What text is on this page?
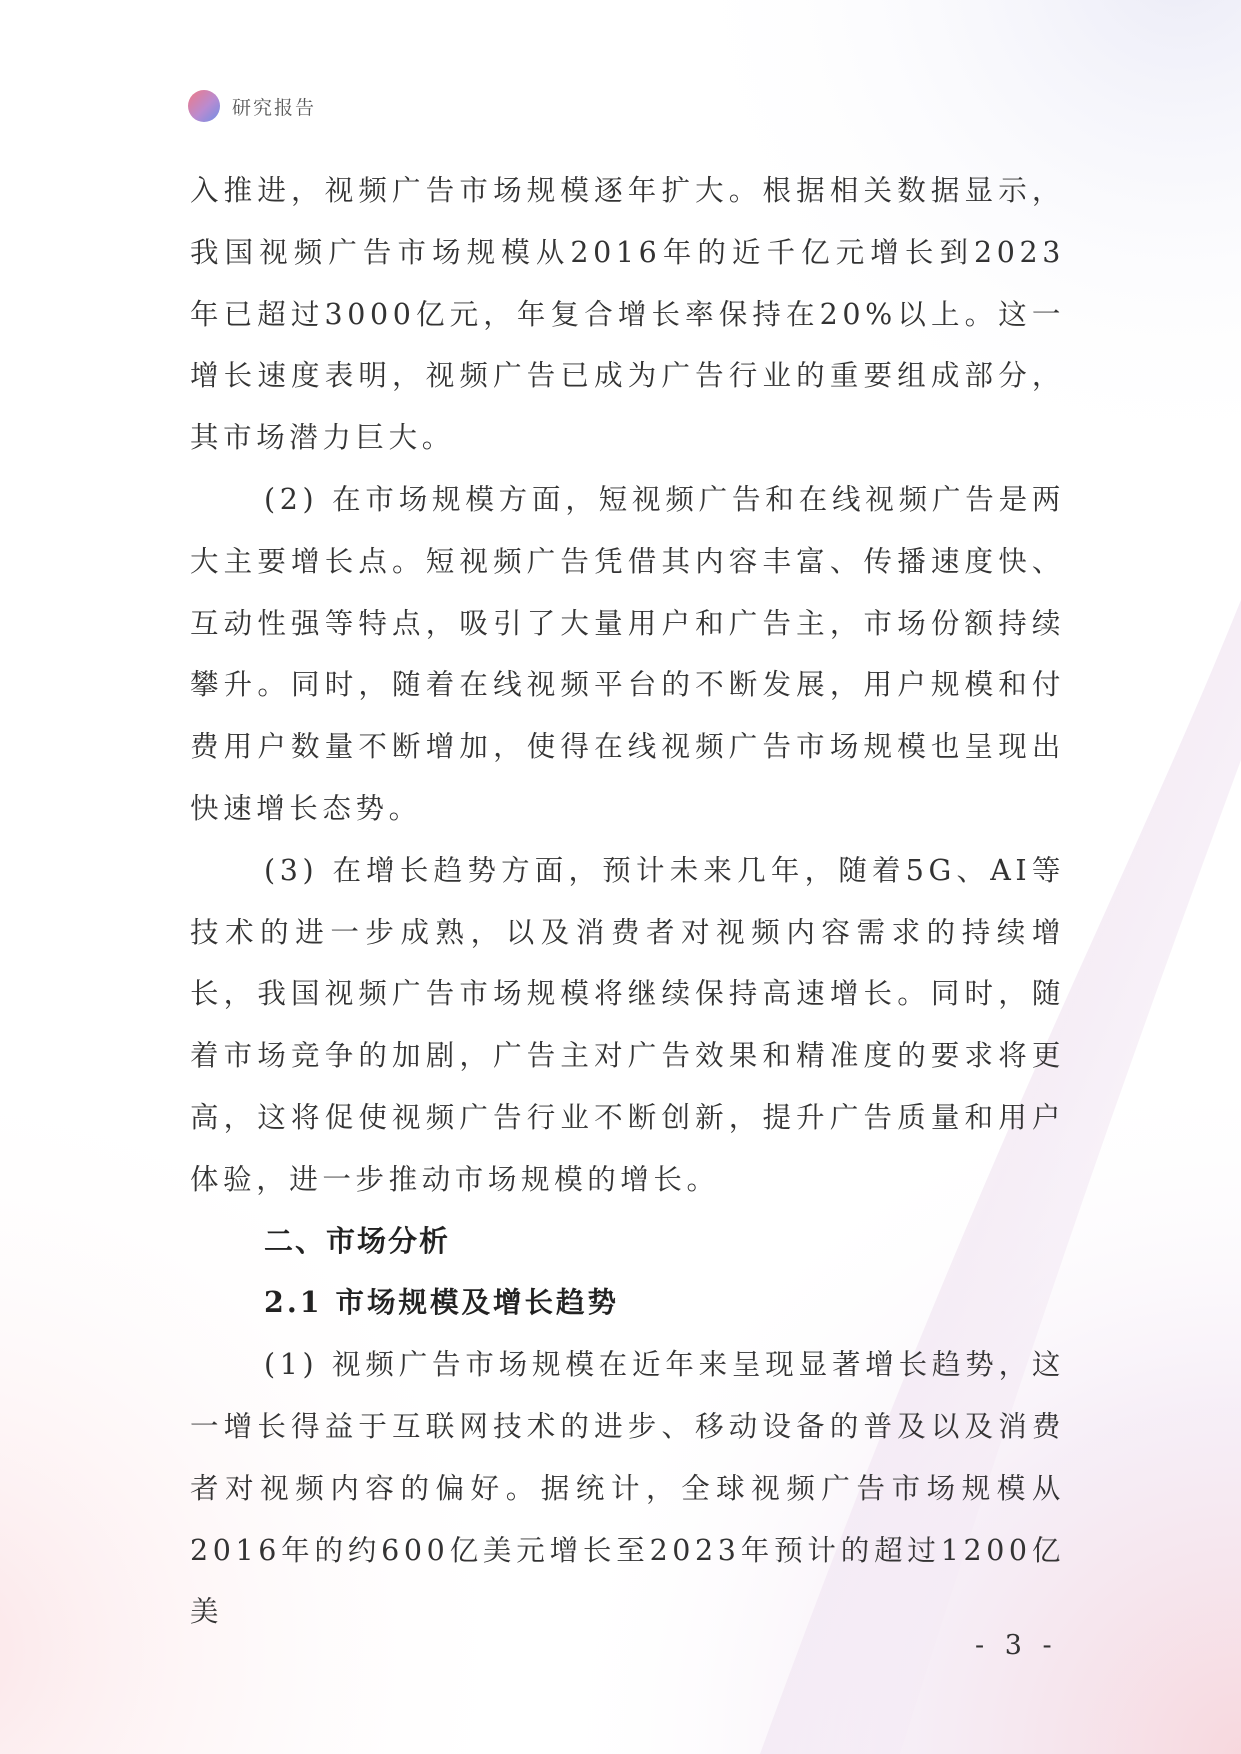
研究报告

入推进，视频广告市场规模逐年扩大。根据相关数据显示，我国视频广告市场规模从2016年的近千亿元增长到2023年已超过3000亿元，年复合增长率保持在20%以上。这一增长速度表明，视频广告已成为广告行业的重要组成部分，其市场潜力巨大。

(2) 在市场规模方面，短视频广告和在线视频广告是两大主要增长点。短视频广告凭借其内容丰富、传播速度快、互动性强等特点，吸引了大量用户和广告主，市场份额持续攀升。同时，随着在线视频平台的不断发展，用户规模和付费用户数量不断增加，使得在线视频广告市场规模也呈现出快速增长态势。

(3) 在增长趋势方面，预计未来几年，随着5G、AI等技术的进一步成熟，以及消费者对视频内容需求的持续增长，我国视频广告市场规模将继续保持高速增长。同时，随着市场竞争的加剧，广告主对广告效果和精准度的要求将更高，这将促使视频广告行业不断创新，提升广告质量和用户体验，进一步推动市场规模的增长。

二、市场分析
2.1 市场规模及增长趋势

(1) 视频广告市场规模在近年来呈现显著增长趋势，这一增长得益于互联网技术的进步、移动设备的普及以及消费者对视频内容的偏好。据统计，全球视频广告市场规模从2016年的约600亿美元增长至2023年预计的超过1200亿美

- 3 -
